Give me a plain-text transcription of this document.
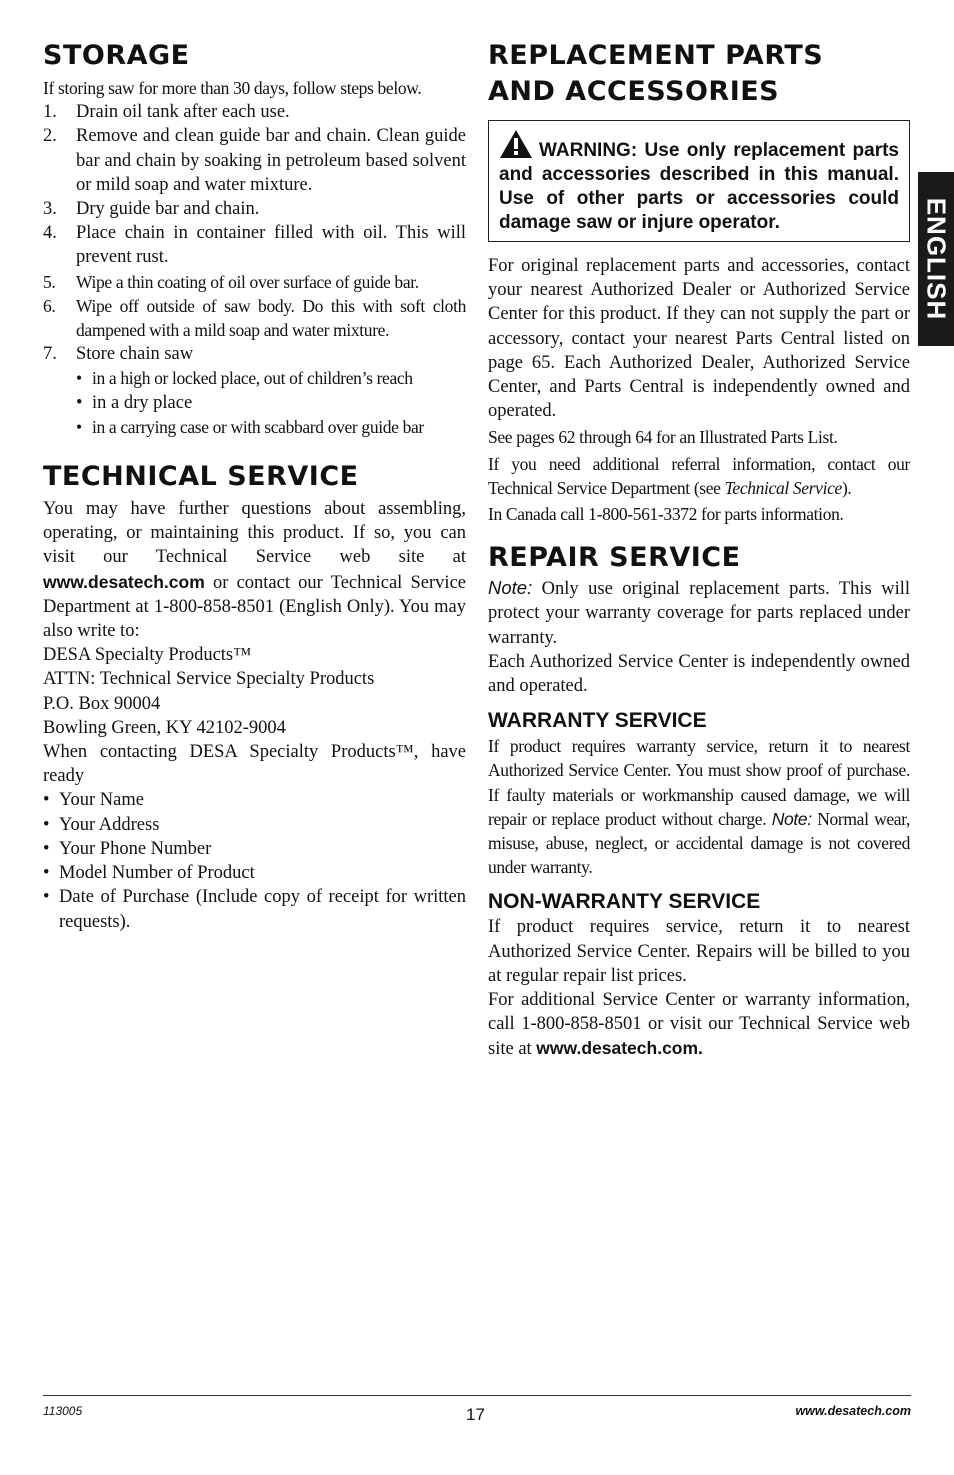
STORAGE

If storing saw for more than 30 days, follow steps below.

1. Drain oil tank after each use.
2. Remove and clean guide bar and chain. Clean guide bar and chain by soaking in petroleum based solvent or mild soap and water mixture.
3. Dry guide bar and chain.
4. Place chain in container filled with oil. This will prevent rust.
5. Wipe a thin coating of oil over surface of guide bar.
6. Wipe off outside of saw body. Do this with soft cloth dampened with a mild soap and water mixture.
7. Store chain saw
• in a high or locked place, out of children’s reach
• in a dry place
• in a carrying case or with scabbard over guide bar
TECHNICAL SERVICE

You may have further questions about assembling, operating, or maintaining this product. If so, you can visit our Technical Service web site at www.desatech.com or contact our Technical Service Department at 1-800-858-8501 (English Only). You may also write to:

DESA Specialty Products™

ATTN: Technical Service Specialty Products

P.O. Box 90004

Bowling Green, KY 42102-9004

When contacting DESA Specialty Products™, have ready

• Your Name
• Your Address
• Your Phone Number
• Model Number of Product
• Date of Purchase (Include copy of receipt for written requests).
REPLACEMENT PARTS
AND ACCESSORIES

WARNING: Use only replacement parts and accessories described in this manual. Use of other parts or accessories could damage saw or injure operator.

For original replacement parts and accessories, contact your nearest Authorized Dealer or Authorized Service Center for this product. If they can not supply the part or accessory, contact your nearest Parts Central listed on page 65. Each Authorized Dealer, Authorized Service Center, and Parts Central is independently owned and operated.

See pages 62 through 64 for an Illustrated Parts List.

If you need additional referral information, contact our Technical Service Department (see Technical Service).

In Canada call 1-800-561-3372 for parts information.

REPAIR SERVICE

Note: Only use original replacement parts. This will protect your warranty coverage for parts replaced under warranty.

Each Authorized Service Center is independently owned and operated.

WARRANTY SERVICE

If product requires warranty service, return it to nearest Authorized Service Center. You must show proof of purchase. If faulty materials or workmanship caused damage, we will repair or replace product without charge. Note: Normal wear, misuse, abuse, neglect, or accidental damage is not covered under warranty.

NON-WARRANTY SERVICE

If product requires service, return it to nearest Authorized Service Center. Repairs will be billed to you at regular repair list prices.

For additional Service Center or warranty information, call 1-800-858-8501 or visit our Technical Service web site at www.desatech.com.

ENGLISH
113005	17	www.desatech.com
